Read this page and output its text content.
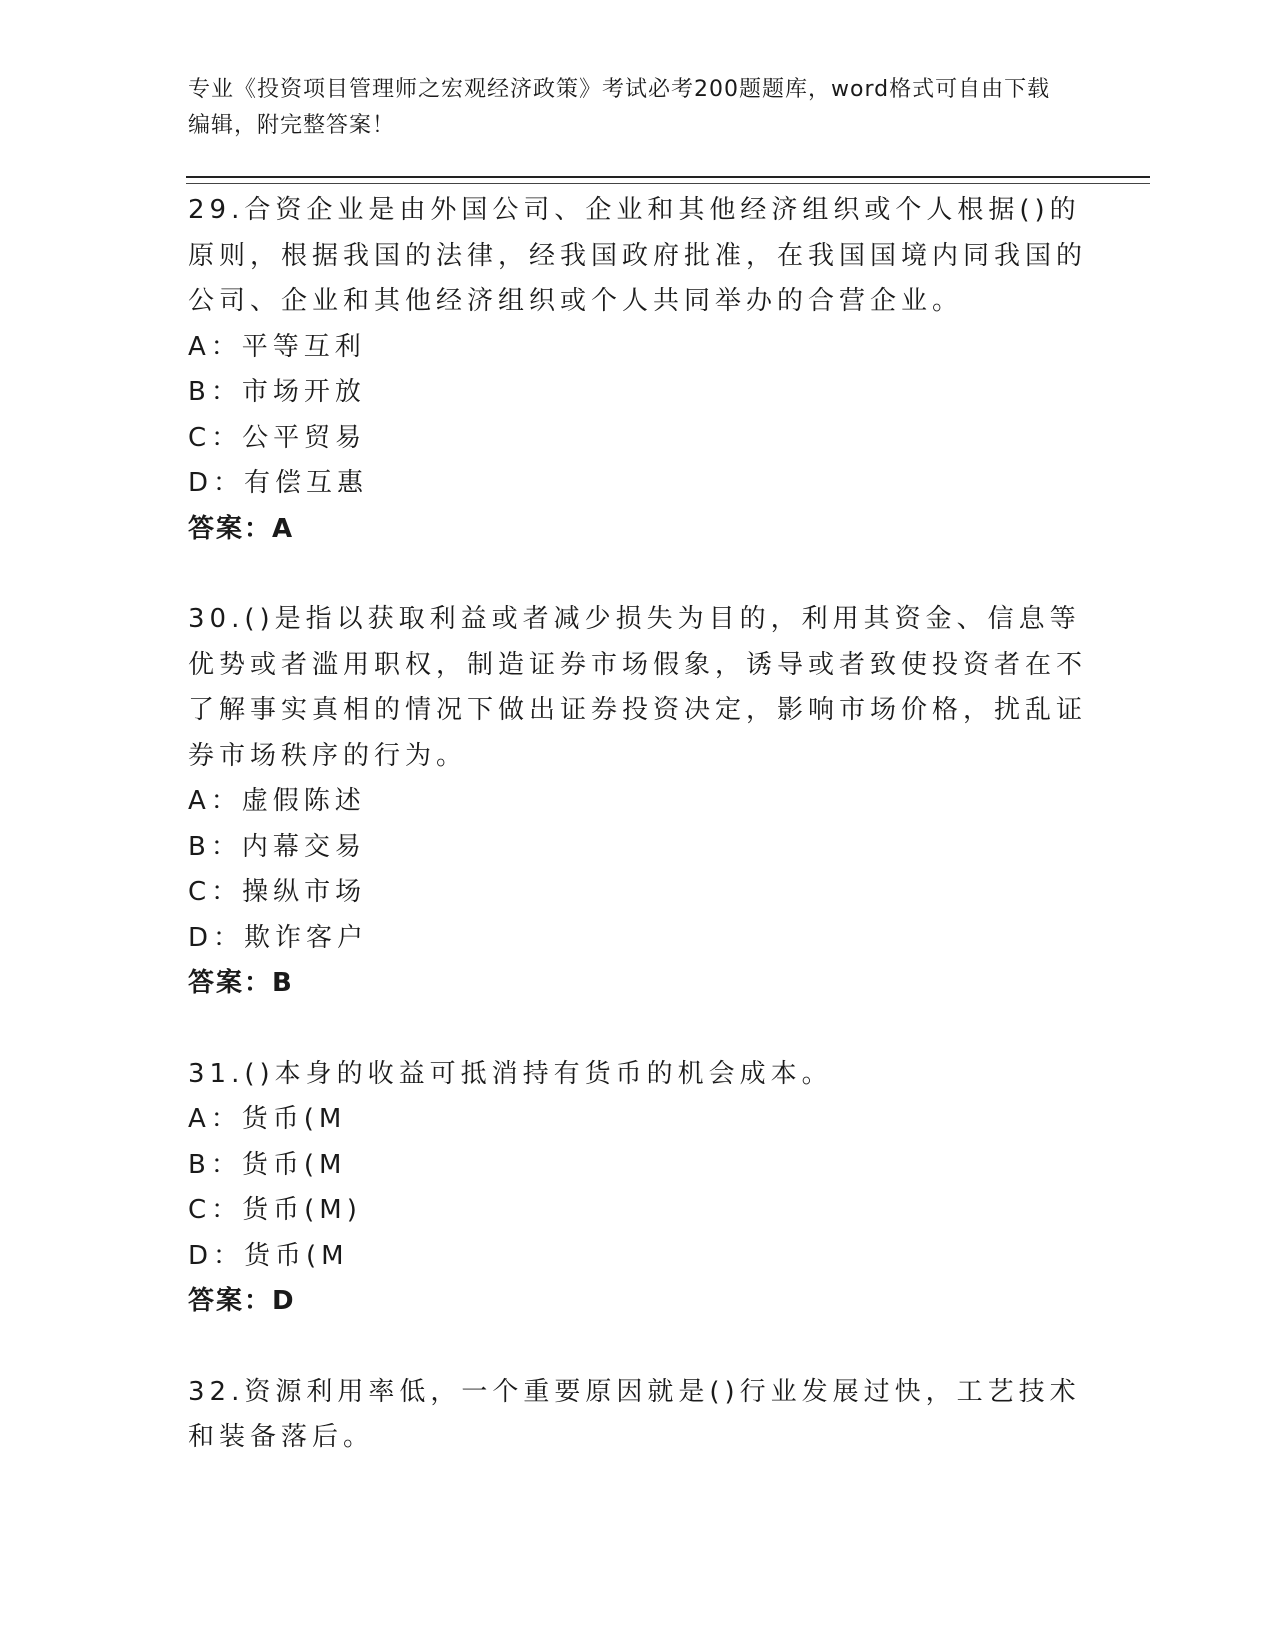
专业《投资项目管理师之宏观经济政策》考试必考200题题库，word格式可自由下载编辑，附完整答案！
29.合资企业是由外国公司、企业和其他经济组织或个人根据()的原则，根据我国的法律，经我国政府批准，在我国国境内同我国的公司、企业和其他经济组织或个人共同举办的合营企业。
A：平等互利
B：市场开放
C：公平贸易
D：有偿互惠
答案：A
30.()是指以获取利益或者减少损失为目的，利用其资金、信息等优势或者滥用职权，制造证券市场假象，诱导或者致使投资者在不了解事实真相的情况下做出证券投资决定，影响市场价格，扰乱证券市场秩序的行为。
A：虚假陈述
B：内幕交易
C：操纵市场
D：欺诈客户
答案：B
31.()本身的收益可抵消持有货币的机会成本。
A：货币(M
B：货币(M
C：货币(M)
D：货币(M
答案：D
32.资源利用率低，一个重要原因就是()行业发展过快，工艺技术和装备落后。
